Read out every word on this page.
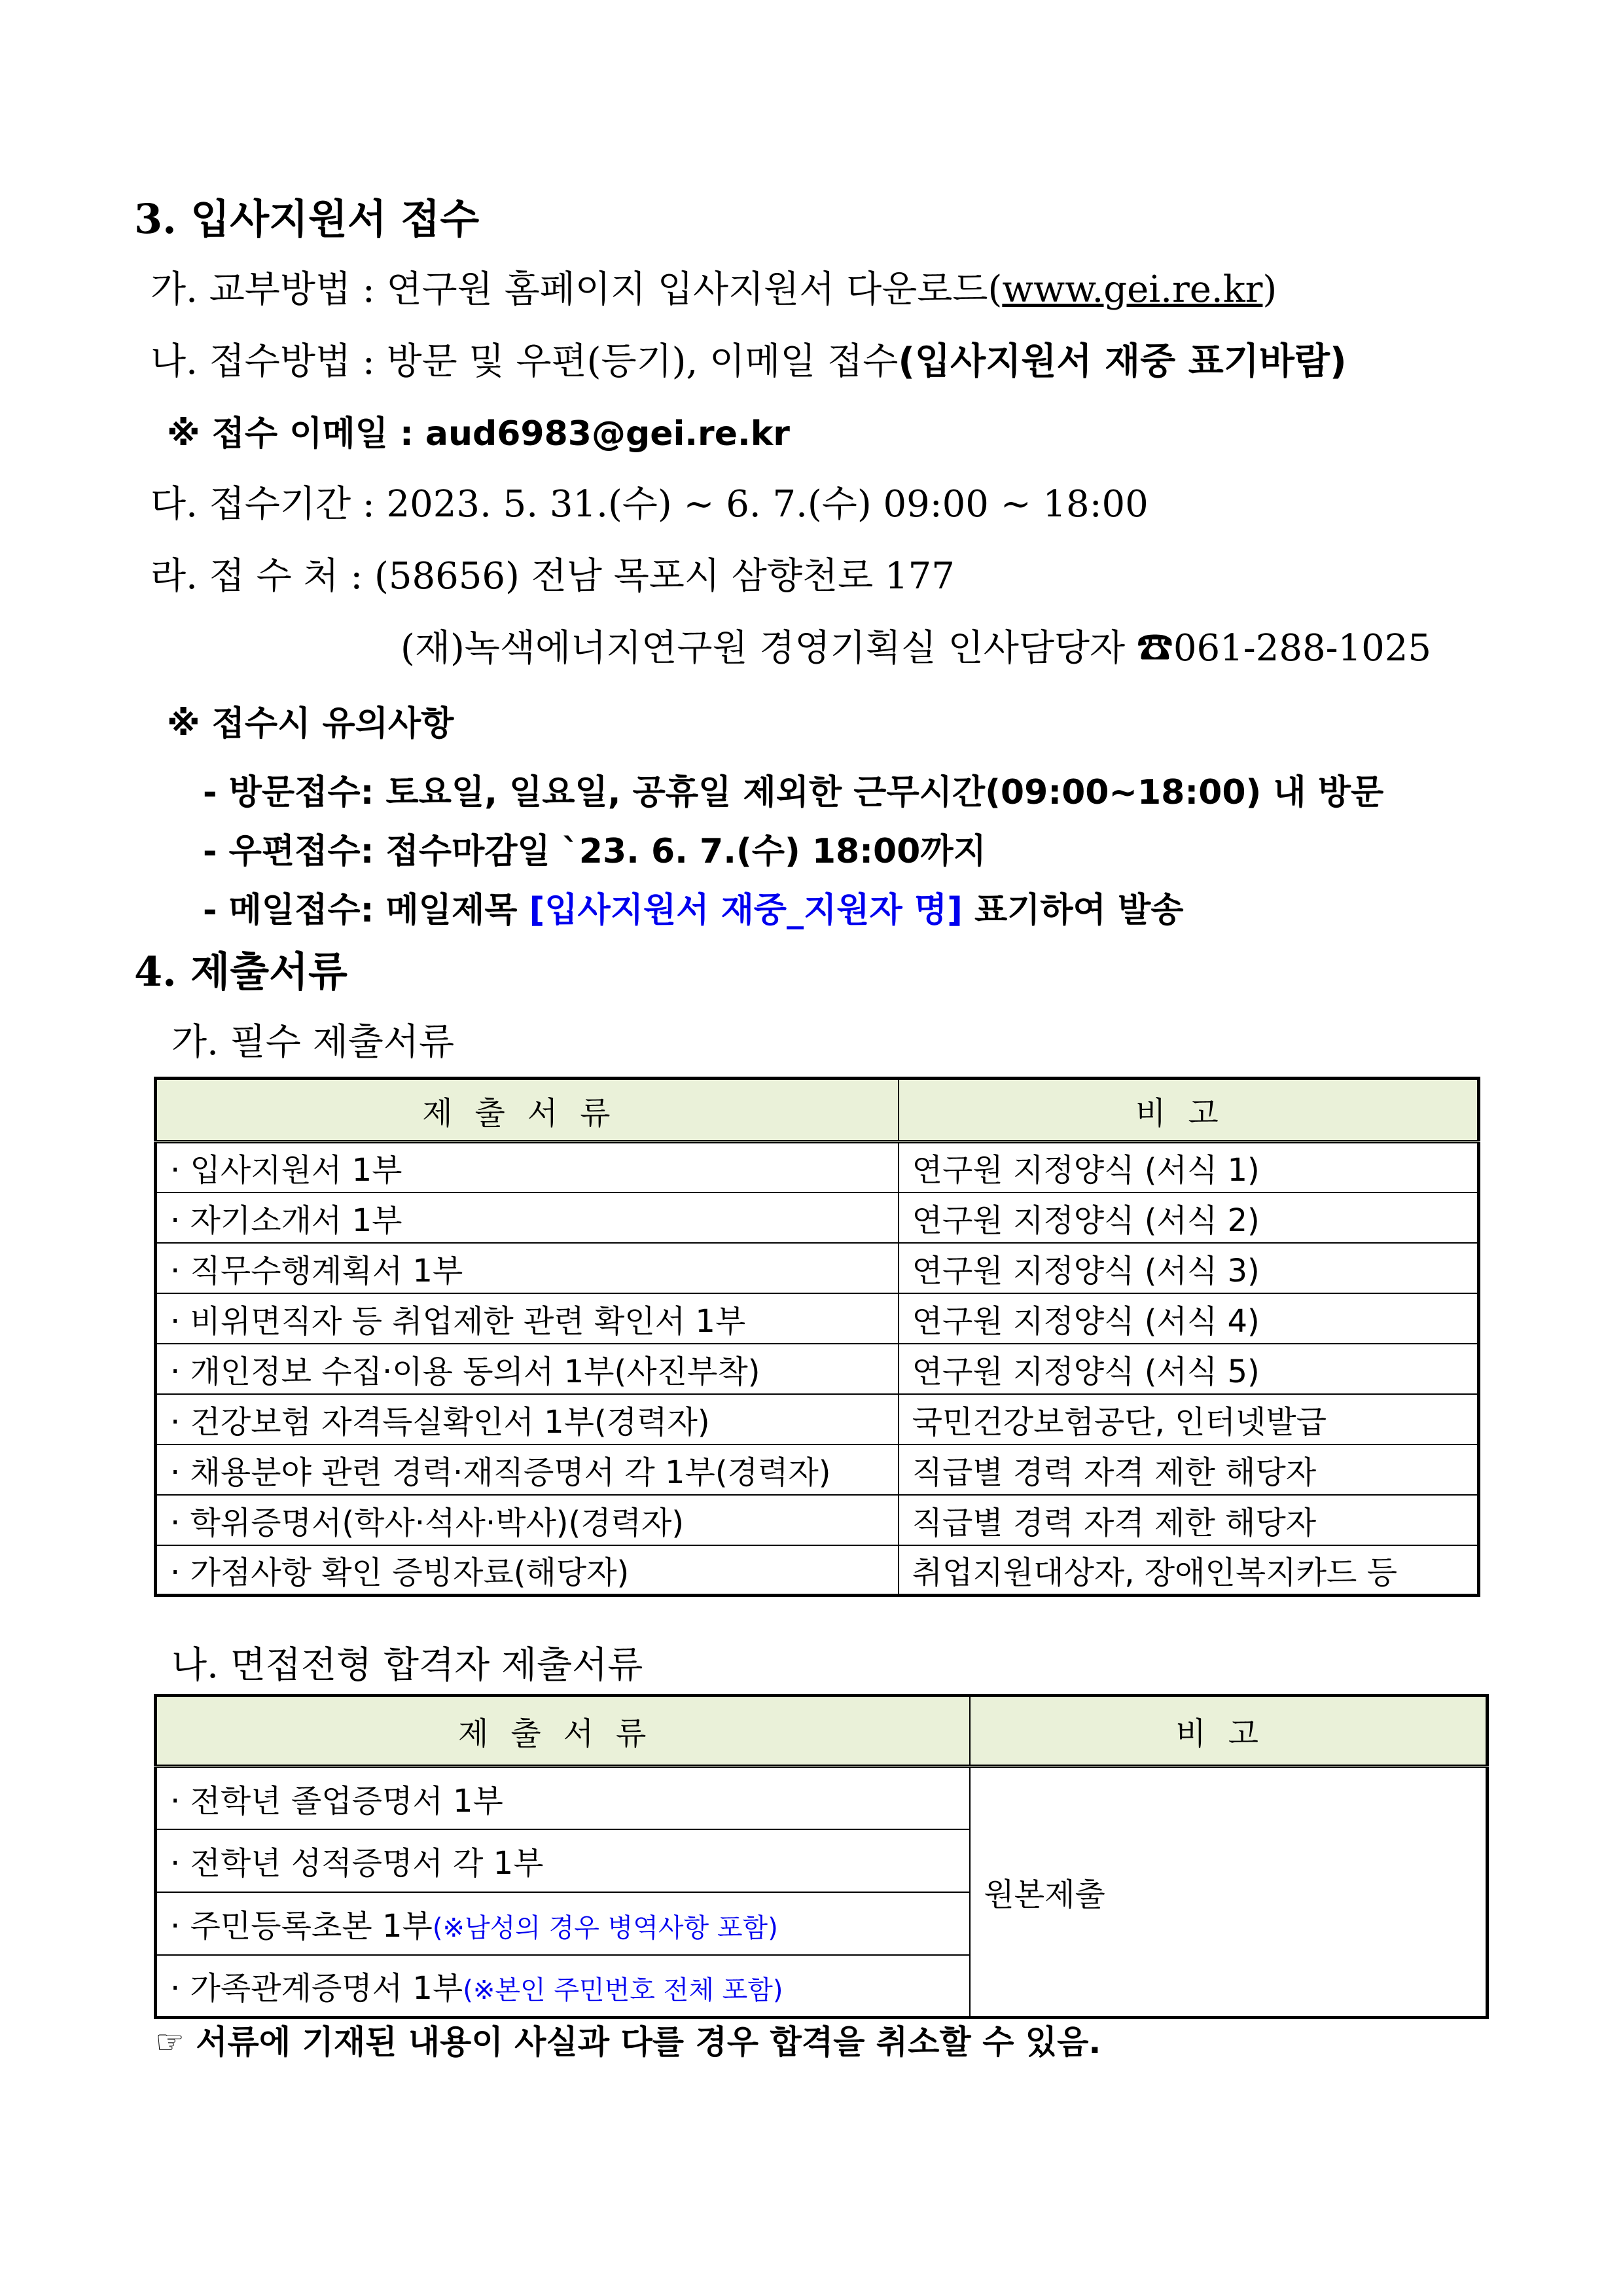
3. 입사지원서 접수
가. 교부방법 : 연구원 홈페이지 입사지원서 다운로드(www.gei.re.kr)
나. 접수방법 : 방문 및 우편(등기), 이메일 접수(입사지원서 재중 표기바람)
※ 접수 이메일 : aud6983@gei.re.kr
다. 접수기간 : 2023. 5. 31.(수) ∼ 6. 7.(수) 09:00 ~ 18:00
라. 접 수 처 : (58656) 전남 목포시 삼향천로 177
(재)녹색에너지연구원 경영기획실 인사담당자 ☎061-288-1025
※ 접수시 유의사항
- 방문접수: 토요일, 일요일, 공휴일 제외한 근무시간(09:00~18:00) 내 방문
- 우편접수: 접수마감일 `23. 6. 7.(수) 18:00까지
- 메일접수: 메일제목 [입사지원서 재중_지원자 명] 표기하여 발송
4. 제출서류
가. 필수 제출서류
제출서류	비고
· 입사지원서 1부	연구원 지정양식 (서식 1)
· 자기소개서 1부	연구원 지정양식 (서식 2)
· 직무수행계획서 1부	연구원 지정양식 (서식 3)
· 비위면직자 등 취업제한 관련 확인서 1부	연구원 지정양식 (서식 4)
· 개인정보 수집·이용 동의서 1부(사진부착)	연구원 지정양식 (서식 5)
· 건강보험 자격득실확인서 1부(경력자)	국민건강보험공단, 인터넷발급
· 채용분야 관련 경력·재직증명서 각 1부(경력자)	직급별 경력 자격 제한 해당자
· 학위증명서(학사·석사·박사)(경력자)	직급별 경력 자격 제한 해당자
· 가점사항 확인 증빙자료(해당자)	취업지원대상자, 장애인복지카드 등
나. 면접전형 합격자 제출서류
제출서류	비고
· 전학년 졸업증명서 1부	원본제출
· 전학년 성적증명서 각 1부	
· 주민등록초본 1부(※남성의 경우 병역사항 포함)	
· 가족관계증명서 1부(※본인 주민번호 전체 포함)	
☞ 서류에 기재된 내용이 사실과 다를 경우 합격을 취소할 수 있음.
